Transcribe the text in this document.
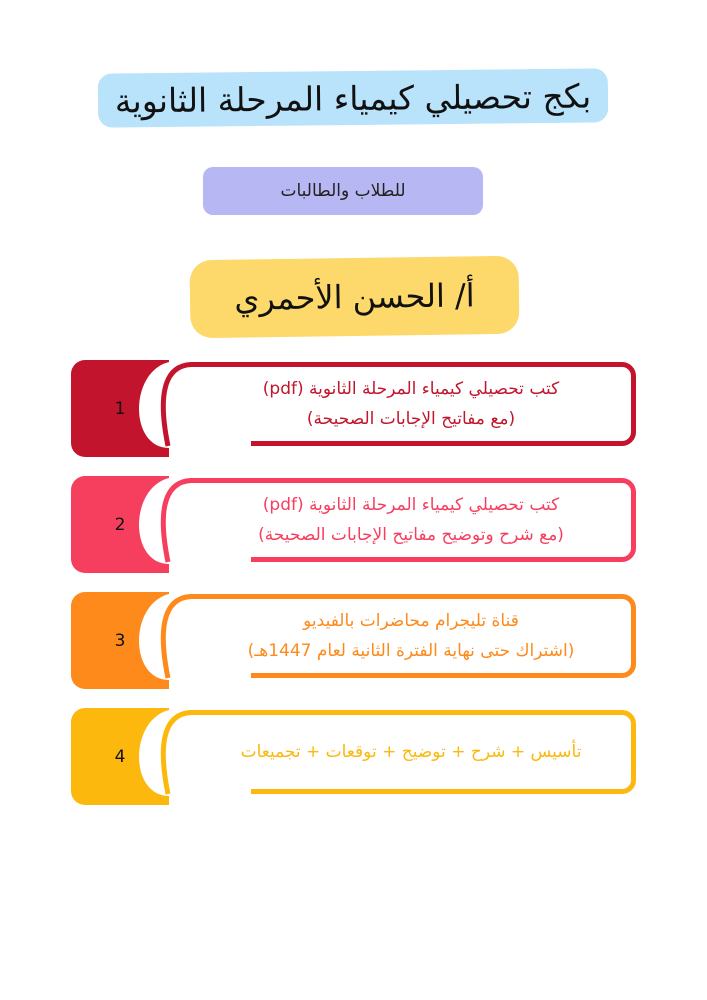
بكج تحصيلي كيمياء المرحلة الثانوية
للطلاب والطالبات
أ/ الحسن الأحمري
1
كتب تحصيلي كيمياء المرحلة الثانوية (pdf)
(مع مفاتيح الإجابات الصحيحة)
2
كتب تحصيلي كيمياء المرحلة الثانوية (pdf)
(مع شرح وتوضيح مفاتيح الإجابات الصحيحة)
3
قناة تليجرام محاضرات بالفيديو
(اشتراك حتى نهاية الفترة الثانية لعام 1447هـ)
4	تأسيس + شرح + توضيح + توقعات + تجميعات
